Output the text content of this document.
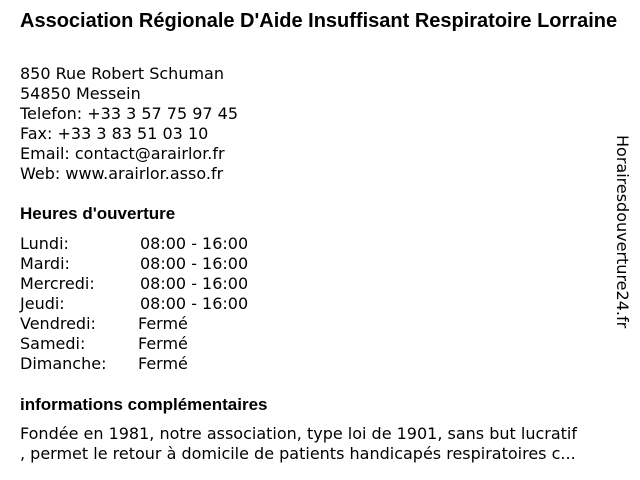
Association Régionale D'Aide Insuffisant Respiratoire Lorraine
850 Rue Robert Schuman
54850 Messein
Telefon: +33 3 57 75 97 45
Fax: +33 3 83 51 03 10
Email: contact@arairlor.fr
Web: www.arairlor.asso.fr
Heures d'ouverture
Lundi:	08:00 - 16:00
Mardi:	08:00 - 16:00
Mercredi:	08:00 - 16:00
Jeudi:	08:00 - 16:00
Vendredi:	Fermé
Samedi:	Fermé
Dimanche: Fermé
informations complémentaires
Fondée en 1981, notre association, type loi de 1901, sans but lucratif
, permet le retour à domicile de patients handicapés respiratoires c...
Horairesdouverture24.fr
